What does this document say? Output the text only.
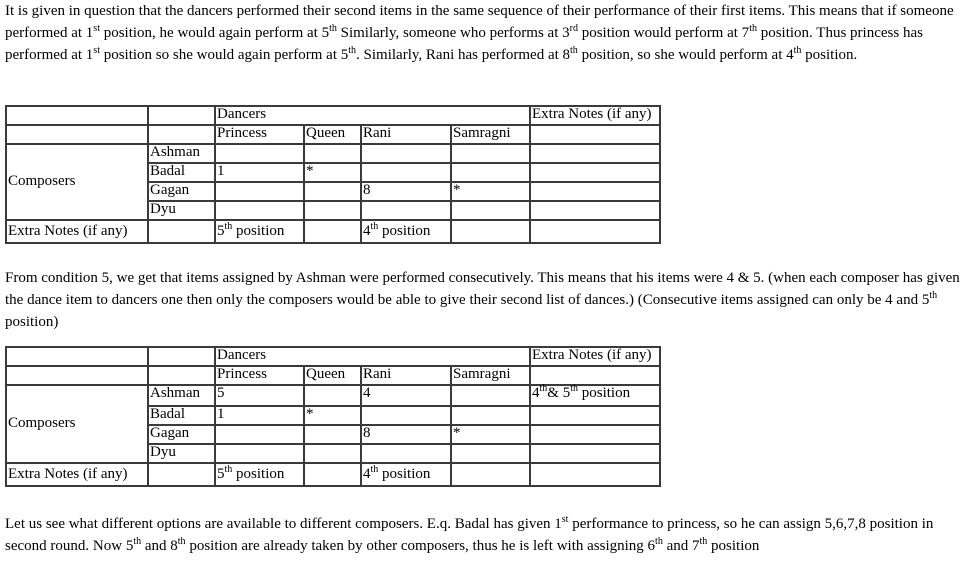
It is given in question that the dancers performed their second items in the same sequence of their performance of their first items. This means that if someone performed at 1st position, he would again perform at 5th Similarly, someone who performs at 3rd position would perform at 7th position. Thus princess has performed at 1st position so she would again perform at 5th. Similarly, Rani has performed at 8th position, so she would perform at 4th position.

		Dancers				Extra Notes (if any)
		Princess	Queen	Rani	Samragni	
Composers	Ashman					
	Badal	1	*			
	Gagan			8	*	
	Dyu					
Extra Notes (if any)		5th position		4th position		

From condition 5, we get that items assigned by Ashman were performed consecutively. This means that his items were 4 & 5. (when each composer has given the dance item to dancers one then only the composers would be able to give their second list of dances.) (Consecutive items assigned can only be 4 and 5th position)

		Dancers				Extra Notes (if any)
		Princess	Queen	Rani	Samragni	
Composers	Ashman	5		4		4th& 5th position
	Badal	1	*			
	Gagan			8	*	
	Dyu					
Extra Notes (if any)		5th position		4th position		

Let us see what different options are available to different composers. E.q. Badal has given 1st performance to princess, so he can assign 5,6,7,8 position in second round. Now 5th and 8th position are already taken by other composers, thus he is left with assigning 6th and 7th position
